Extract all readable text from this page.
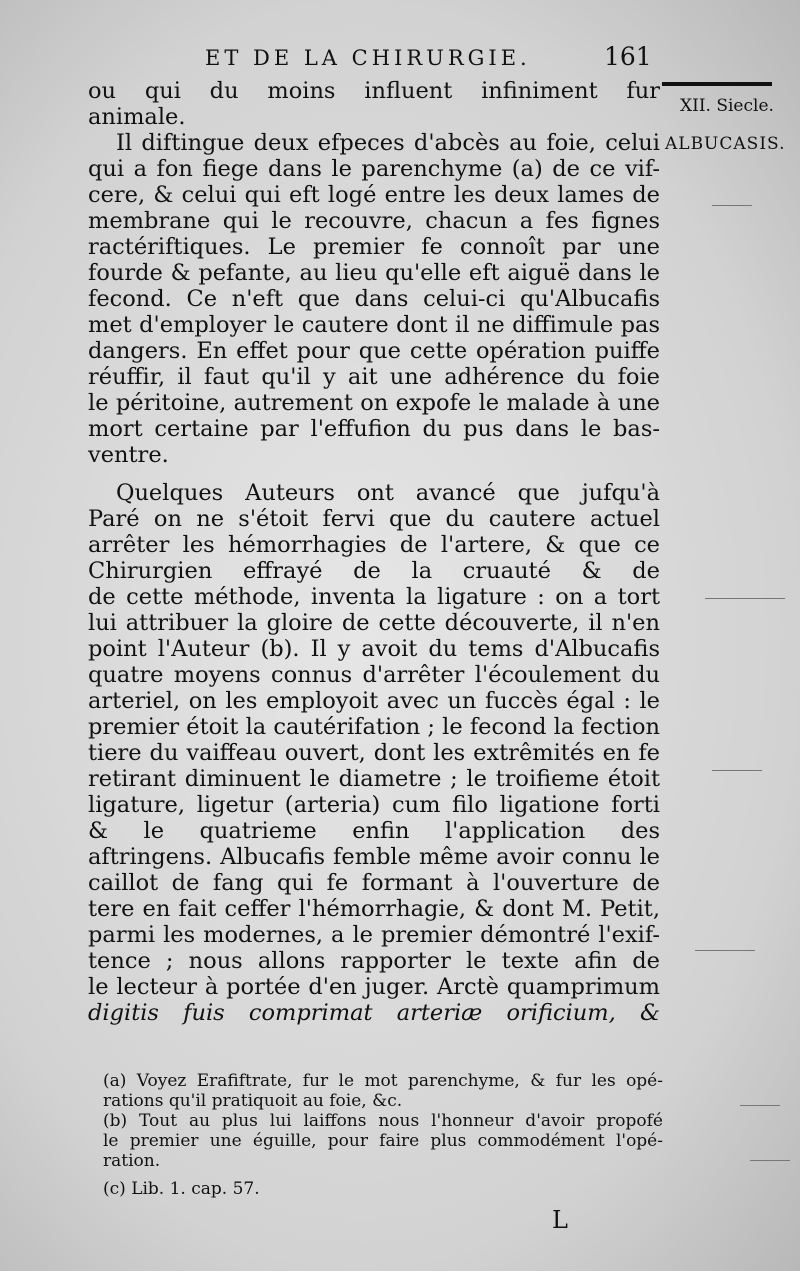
ET DE LA CHIRURGIE.	161
XII. Siecle.
ALBUCASIS.
ou qui du moins influent infiniment fur
animale.
Il diftingue deux efpeces d'abcès au foie, celui
qui a fon fiege dans le parenchyme (a) de ce vif-
cere, & celui qui eft logé entre les deux lames de
membrane qui le recouvre, chacun a fes fignes
ractériftiques. Le premier fe connoît par une
fourde & pefante, au lieu qu'elle eft aiguë dans le
fecond. Ce n'eft que dans celui-ci qu'Albucafis
met d'employer le cautere dont il ne diffimule pas
dangers. En effet pour que cette opération puiffe
réuffir, il faut qu'il y ait une adhérence du foie
le péritoine, autrement on expofe le malade à une
mort certaine par l'effufion du pus dans le bas-
ventre.
Quelques Auteurs ont avancé que jufqu'à
Paré on ne s'étoit fervi que du cautere actuel
arrêter les hémorrhagies de l'artere, & que ce
Chirurgien effrayé de la cruauté & de
de cette méthode, inventa la ligature : on a tort
lui attribuer la gloire de cette découverte, il n'en
point l'Auteur (b). Il y avoit du tems d'Albucafis
quatre moyens connus d'arrêter l'écoulement du
arteriel, on les employoit avec un fuccès égal : le
premier étoit la cautérifation ; le fecond la fection
tiere du vaiffeau ouvert, dont les extrêmités en fe
retirant diminuent le diametre ; le troifieme étoit
ligature, ligetur (arteria) cum filo ligatione forti
& le quatrieme enfin l'application des
aftringens. Albucafis femble même avoir connu le
caillot de fang qui fe formant à l'ouverture de
tere en fait ceffer l'hémorrhagie, & dont M. Petit,
parmi les modernes, a le premier démontré l'exif-
tence ; nous allons rapporter le texte afin de
le lecteur à portée d'en juger. Arctè quamprimum
digitis fuis comprimat arteriæ orificium, &
(a) Voyez Erafiftrate, fur le mot parenchyme, & fur les opé-
rations qu'il pratiquoit au foie, &c.
(b) Tout au plus lui laiffons nous l'honneur d'avoir propofé
le premier une éguille, pour faire plus commodément l'opé-
ration.
(c) Lib. 1. cap. 57.
L
